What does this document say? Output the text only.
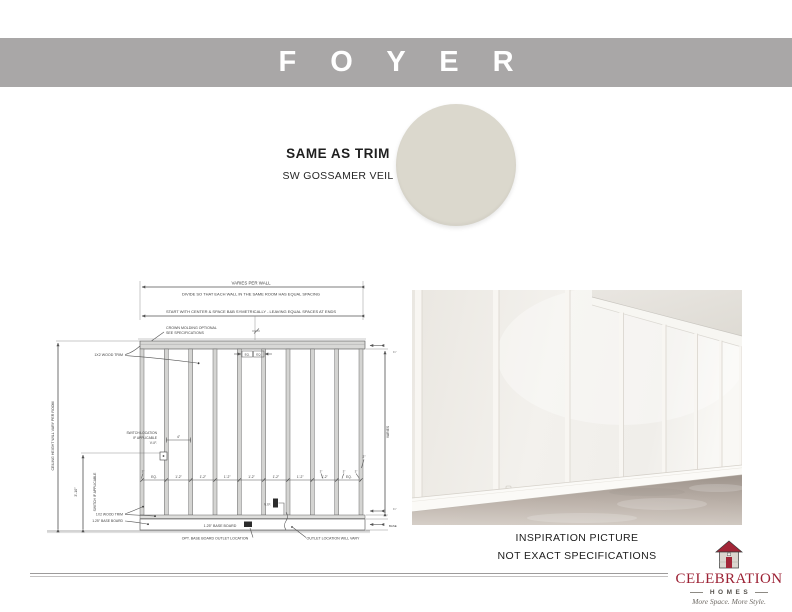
F O Y E R
SAME AS TRIM
SW GOSSAMER VEIL
VARIES PER WALL
DIVIDE SO THAT EACH WALL IN THE SAME ROOM HAS EQUAL SPACING
START WITH CENTER & SPACE B&B SYMETRICALLY - LEAVING EQUAL SPACES AT ENDS
CROWN MOLDING OPTIONAL
SEE SPECIFICATIONS
1.25" BASE BOARD
CEILING HEIGHT WILL VARY PER ROOM
3'-10"	SWITCH IF APPLICABLE
1X2 WOOD TRIM
SWITCH LOCATION
IF APPLICABLE
V.I.F.
4"
EQ. EQ.
EQ.	1'-2"	1'-2"	1'-2"	1'-2"	1'-2"	1'-2"	1'-2"	EQ.
3"	3"	3"	3"
2"
V.I.F.
VARIES
¾"
¾"
BASE
1X2 WOOD TRIM
1.25" BASE BOARD
OPT. BASE BOARD OUTLET LOCATION	OUTLET LOCATION WILL VARY	INSPIRATION PICTURE
NOT EXACT SPECIFICATIONS
CELEBRATION
HOMES
More Space. More Style.
